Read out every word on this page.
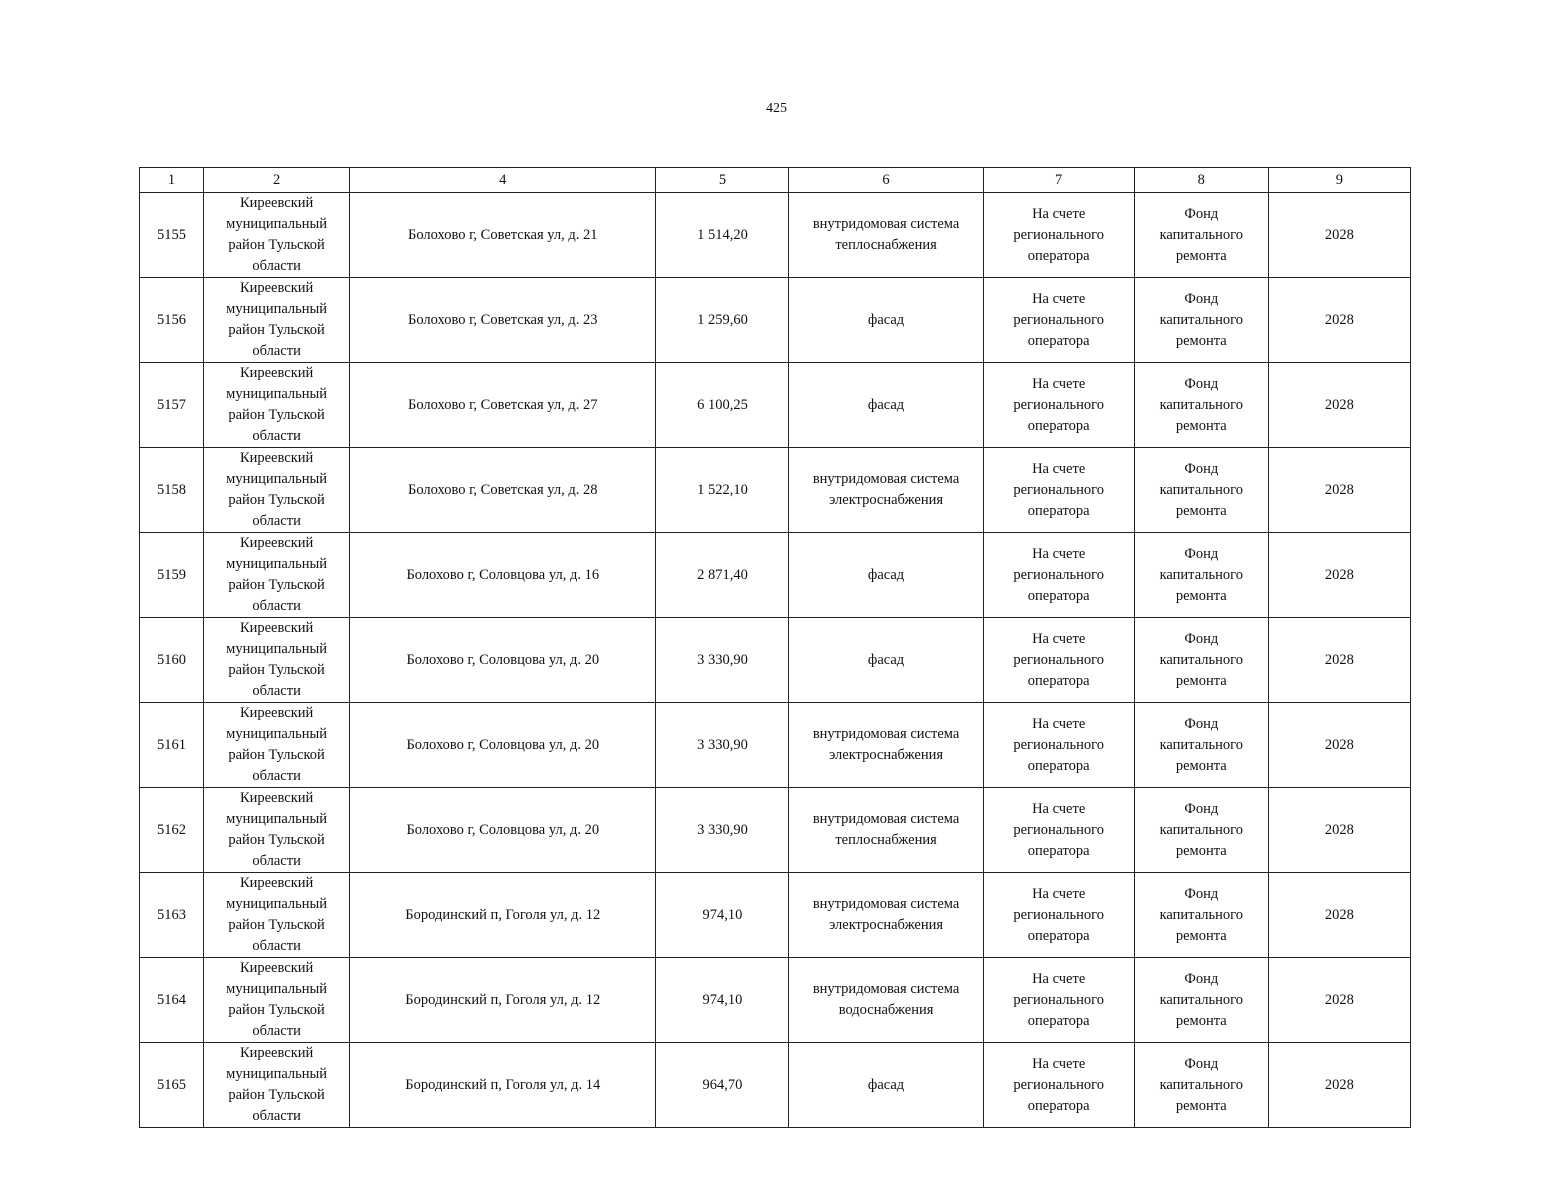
425
1	2	4	5	6	7	8	9
5155	Киреевский
муниципальный
район Тульской
области	Болохово г, Советская ул, д. 21	1 514,20	внутридомовая система
теплоснабжения	На счете
регионального
оператора	Фонд
капитального
ремонта	2028
5156	Киреевский
муниципальный
район Тульской
области	Болохово г, Советская ул, д. 23	1 259,60	фасад	На счете
регионального
оператора	Фонд
капитального
ремонта	2028
5157	Киреевский
муниципальный
район Тульской
области	Болохово г, Советская ул, д. 27	6 100,25	фасад	На счете
регионального
оператора	Фонд
капитального
ремонта	2028
5158	Киреевский
муниципальный
район Тульской
области	Болохово г, Советская ул, д. 28	1 522,10	внутридомовая система
электроснабжения	На счете
регионального
оператора	Фонд
капитального
ремонта	2028
5159	Киреевский
муниципальный
район Тульской
области	Болохово г, Соловцова ул, д. 16	2 871,40	фасад	На счете
регионального
оператора	Фонд
капитального
ремонта	2028
5160	Киреевский
муниципальный
район Тульской
области	Болохово г, Соловцова ул, д. 20	3 330,90	фасад	На счете
регионального
оператора	Фонд
капитального
ремонта	2028
5161	Киреевский
муниципальный
район Тульской
области	Болохово г, Соловцова ул, д. 20	3 330,90	внутридомовая система
электроснабжения	На счете
регионального
оператора	Фонд
капитального
ремонта	2028
5162	Киреевский
муниципальный
район Тульской
области	Болохово г, Соловцова ул, д. 20	3 330,90	внутридомовая система
теплоснабжения	На счете
регионального
оператора	Фонд
капитального
ремонта	2028
5163	Киреевский
муниципальный
район Тульской
области	Бородинский п, Гоголя ул, д. 12	974,10	внутридомовая система
электроснабжения	На счете
регионального
оператора	Фонд
капитального
ремонта	2028
5164	Киреевский
муниципальный
район Тульской
области	Бородинский п, Гоголя ул, д. 12	974,10	внутридомовая система
водоснабжения	На счете
регионального
оператора	Фонд
капитального
ремонта	2028
5165	Киреевский
муниципальный
район Тульской
области	Бородинский п, Гоголя ул, д. 14	964,70	фасад	На счете
регионального
оператора	Фонд
капитального
ремонта	2028
